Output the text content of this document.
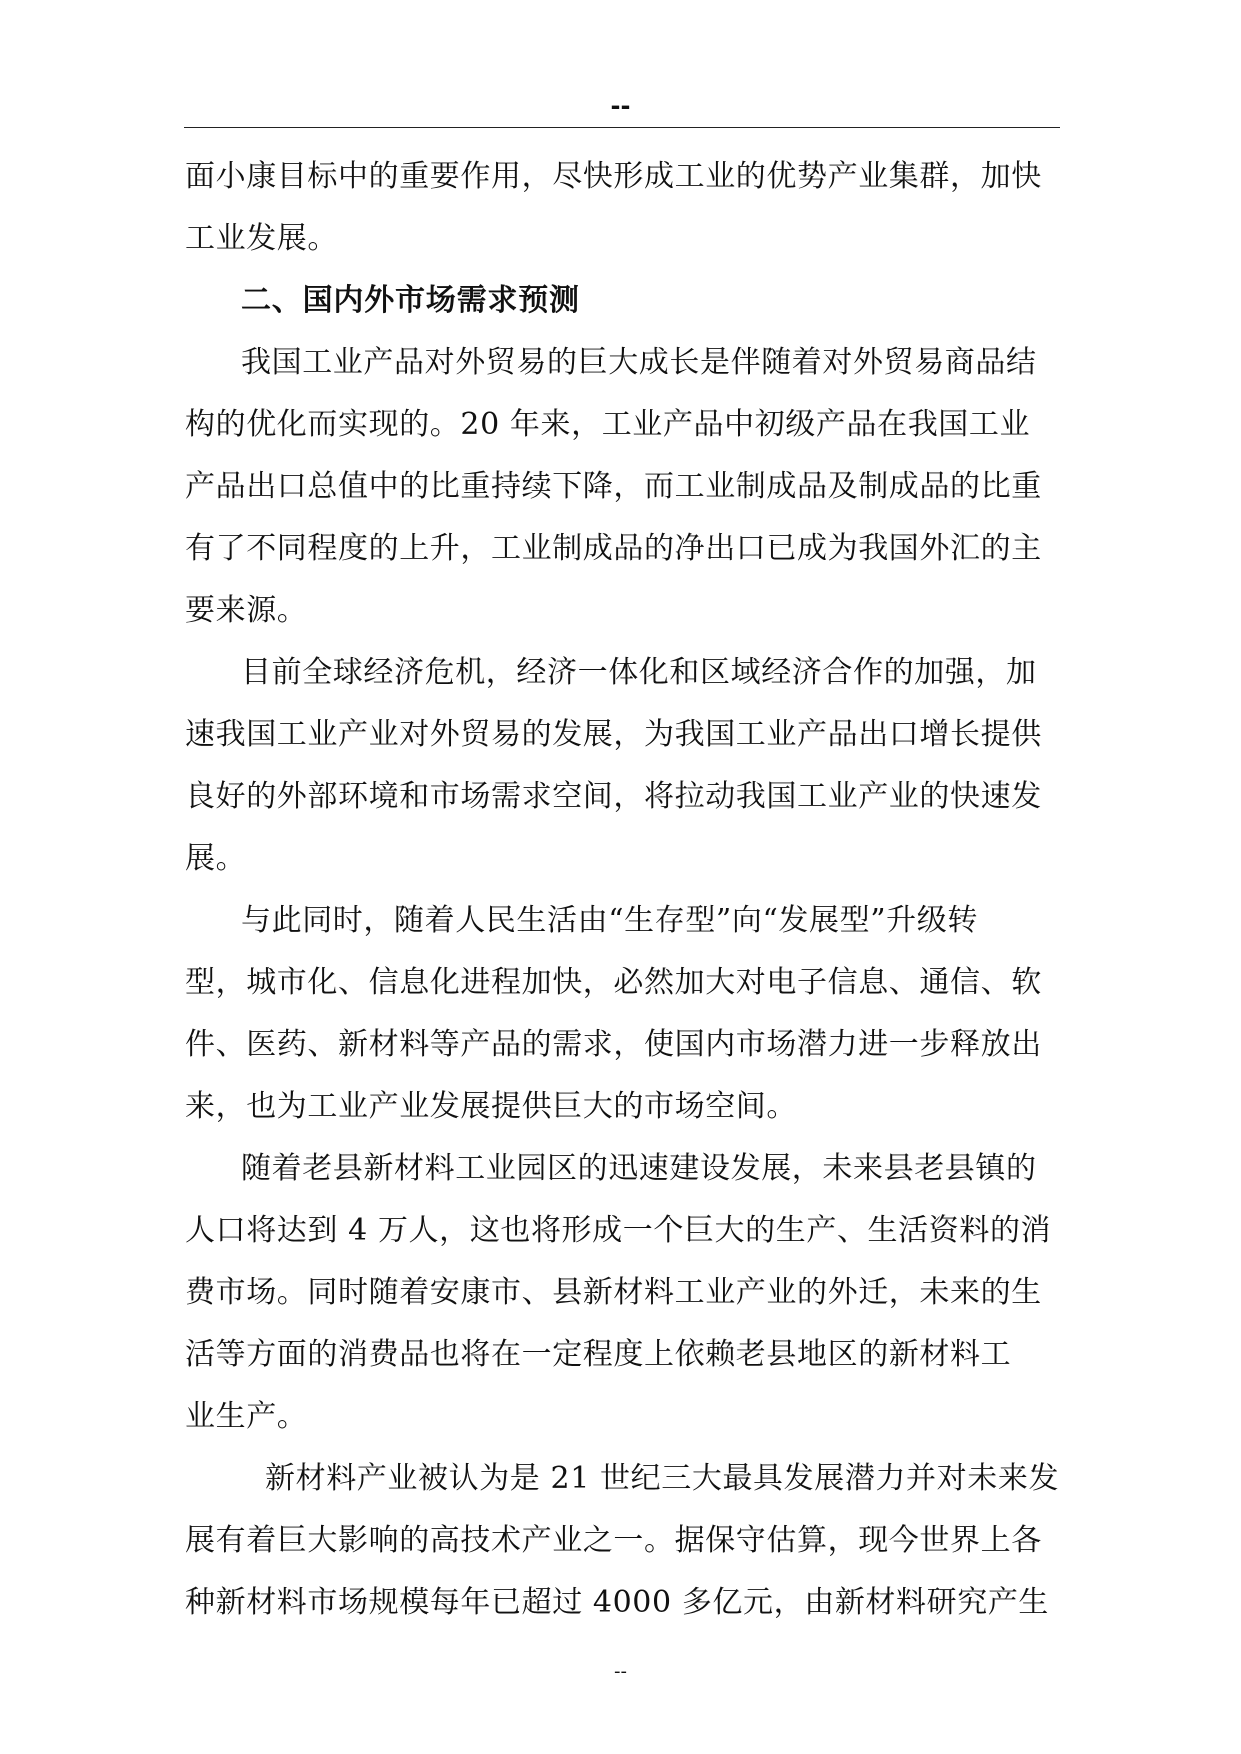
--
面小康目标中的重要作用，尽快形成工业的优势产业集群，加快
工业发展。
二、国内外市场需求预测
我国工业产品对外贸易的巨大成长是伴随着对外贸易商品结
构的优化而实现的。20 年来，工业产品中初级产品在我国工业
产品出口总值中的比重持续下降，而工业制成品及制成品的比重
有了不同程度的上升，工业制成品的净出口已成为我国外汇的主
要来源。
目前全球经济危机，经济一体化和区域经济合作的加强，加
速我国工业产业对外贸易的发展，为我国工业产品出口增长提供
良好的外部环境和市场需求空间，将拉动我国工业产业的快速发
展。
与此同时，随着人民生活由“生存型”向“发展型”升级转
型，城市化、信息化进程加快，必然加大对电子信息、通信、软
件、医药、新材料等产品的需求，使国内市场潜力进一步释放出
来，也为工业产业发展提供巨大的市场空间。
随着老县新材料工业园区的迅速建设发展，未来县老县镇的
人口将达到 4 万人，这也将形成一个巨大的生产、生活资料的消
费市场。同时随着安康市、县新材料工业产业的外迁，未来的生
活等方面的消费品也将在一定程度上依赖老县地区的新材料工
业生产。
新材料产业被认为是 21 世纪三大最具发展潜力并对未来发
展有着巨大影响的高技术产业之一。据保守估算，现今世界上各
种新材料市场规模每年已超过 4000 多亿元，由新材料研究产生
--
